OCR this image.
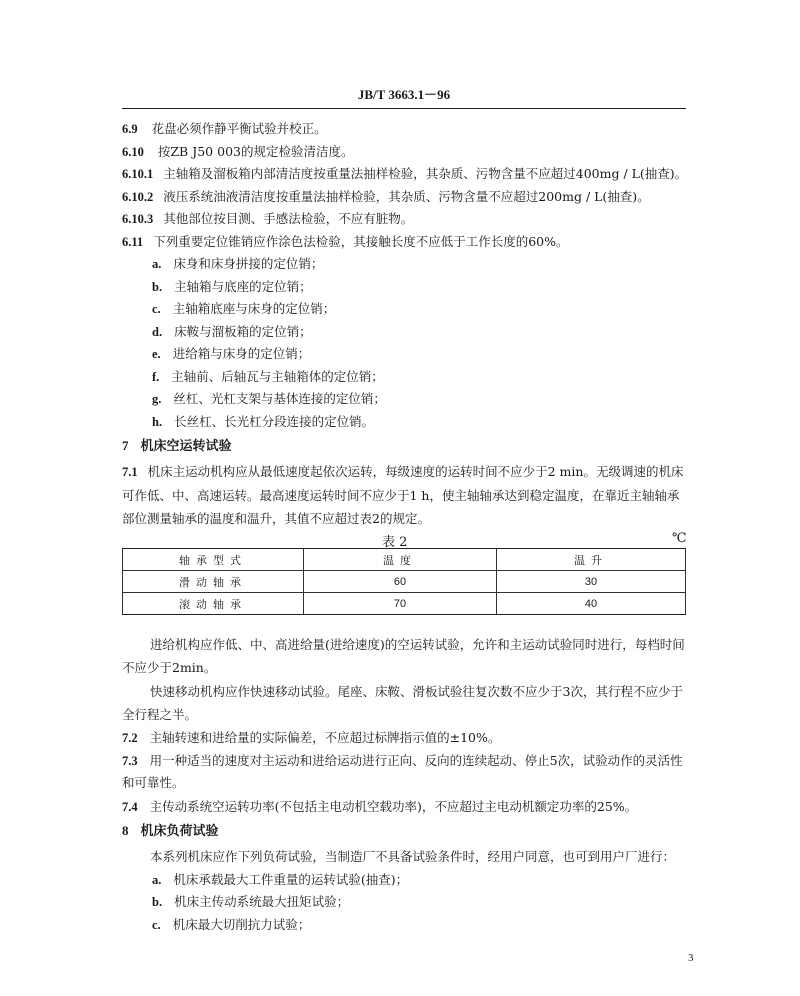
JB/T 3663.1－96
6.9 花盘必须作静平衡试验并校正。
6.10 按ZB J50 003的规定检验清洁度。
6.10.1 主轴箱及溜板箱内部清洁度按重量法抽样检验，其杂质、污物含量不应超过400mg / L(抽查)。
6.10.2 液压系统油液清洁度按重量法抽样检验，其杂质、污物含量不应超过200mg / L(抽查)。
6.10.3 其他部位按目测、手感法检验，不应有脏物。
6.11 下列重要定位锥销应作涂色法检验，其接触长度不应低于工作长度的60%。
a. 床身和床身拼接的定位销；
b. 主轴箱与底座的定位销；
c. 主轴箱底座与床身的定位销；
d. 床鞍与溜板箱的定位销；
e. 进给箱与床身的定位销；
f. 主轴前、后轴瓦与主轴箱体的定位销；
g. 丝杠、光杠支架与基体连接的定位销；
h. 长丝杠、长光杠分段连接的定位销。
7 机床空运转试验
7.1 机床主运动机构应从最低速度起依次运转，每级速度的运转时间不应少于2 min。无级调速的机床
可作低、中、高速运转。最高速度运转时间不应少于1 h，使主轴轴承达到稳定温度，在靠近主轴轴承
部位测量轴承的温度和温升，其值不应超过表2的规定。
表 2	℃
轴承型式	温度	温升
滑动轴承	60	30
滚动轴承	70	40
进给机构应作低、中、高进给量(进给速度)的空运转试验，允许和主运动试验同时进行，每档时间
不应少于2min。
快速移动机构应作快速移动试验。尾座、床鞍、滑板试验往复次数不应少于3次，其行程不应少于
全行程之半。
7.2 主轴转速和进给量的实际偏差，不应超过标牌指示值的±10%。
7.3 用一种适当的速度对主运动和进给运动进行正向、反向的连续起动、停止5次，试验动作的灵活性
和可靠性。
7.4 主传动系统空运转功率(不包括主电动机空载功率)，不应超过主电动机额定功率的25%。
8 机床负荷试验
本系列机床应作下列负荷试验，当制造厂不具备试验条件时，经用户同意，也可到用户厂进行：
a. 机床承载最大工件重量的运转试验(抽查)；
b. 机床主传动系统最大扭矩试验；
c. 机床最大切削抗力试验；
3
